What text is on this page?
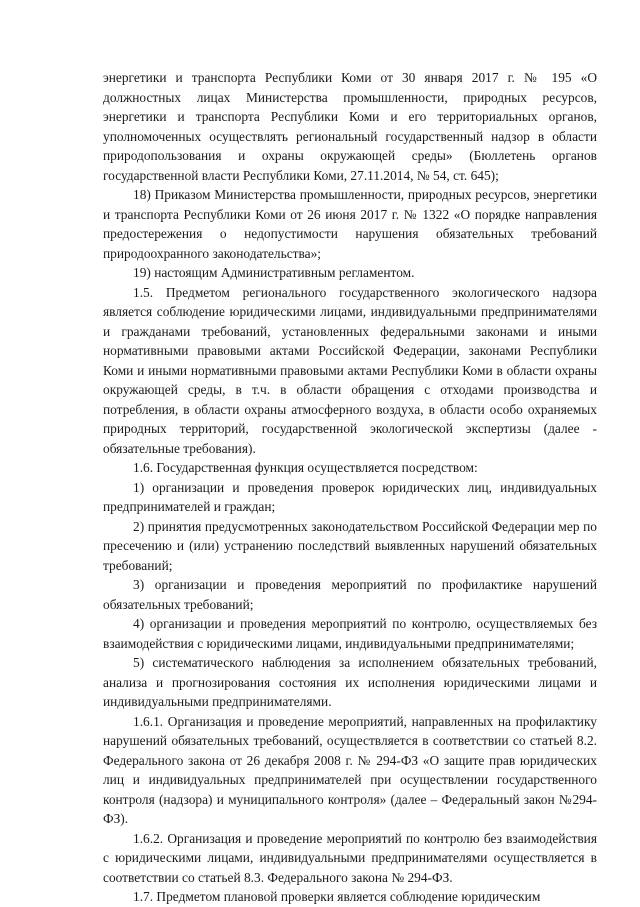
энергетики и транспорта Республики Коми от 30 января 2017 г. № 195 «О должностных лицах Министерства промышленности, природных ресурсов, энергетики и транспорта Республики Коми и его территориальных органов, уполномоченных осуществлять региональный государственный надзор в области природопользования и охраны окружающей среды» (Бюллетень органов государственной власти Республики Коми, 27.11.2014, № 54, ст. 645);

18) Приказом Министерства промышленности, природных ресурсов, энергетики и транспорта Республики Коми от 26 июня 2017 г. № 1322 «О порядке направления предостережения о недопустимости нарушения обязательных требований природоохранного законодательства»;

19) настоящим Административным регламентом.

1.5. Предметом регионального государственного экологического надзора является соблюдение юридическими лицами, индивидуальными предпринимателями и гражданами требований, установленных федеральными законами и иными нормативными правовыми актами Российской Федерации, законами Республики Коми и иными нормативными правовыми актами Республики Коми в области охраны окружающей среды, в т.ч. в области обращения с отходами производства и потребления, в области охраны атмосферного воздуха, в области особо охраняемых природных территорий, государственной экологической экспертизы (далее - обязательные требования).

1.6. Государственная функция осуществляется посредством:

1) организации и проведения проверок юридических лиц, индивидуальных предпринимателей и граждан;

2) принятия предусмотренных законодательством Российской Федерации мер по пресечению и (или) устранению последствий выявленных нарушений обязательных требований;

3) организации и проведения мероприятий по профилактике нарушений обязательных требований;

4) организации и проведения мероприятий по контролю, осуществляемых без взаимодействия с юридическими лицами, индивидуальными предпринимателями;

5) систематического наблюдения за исполнением обязательных требований, анализа и прогнозирования состояния их исполнения юридическими лицами и индивидуальными предпринимателями.

1.6.1. Организация и проведение мероприятий, направленных на профилактику нарушений обязательных требований, осуществляется в соответствии со статьей 8.2. Федерального закона от 26 декабря 2008 г. № 294-ФЗ «О защите прав юридических лиц и индивидуальных предпринимателей при осуществлении государственного контроля (надзора) и муниципального контроля» (далее – Федеральный закон №294-ФЗ).

1.6.2. Организация и проведение мероприятий по контролю без взаимодействия с юридическими лицами, индивидуальными предпринимателями осуществляется в соответствии со статьей 8.3. Федерального закона № 294-ФЗ.

1.7. Предметом плановой проверки является соблюдение юридическим
